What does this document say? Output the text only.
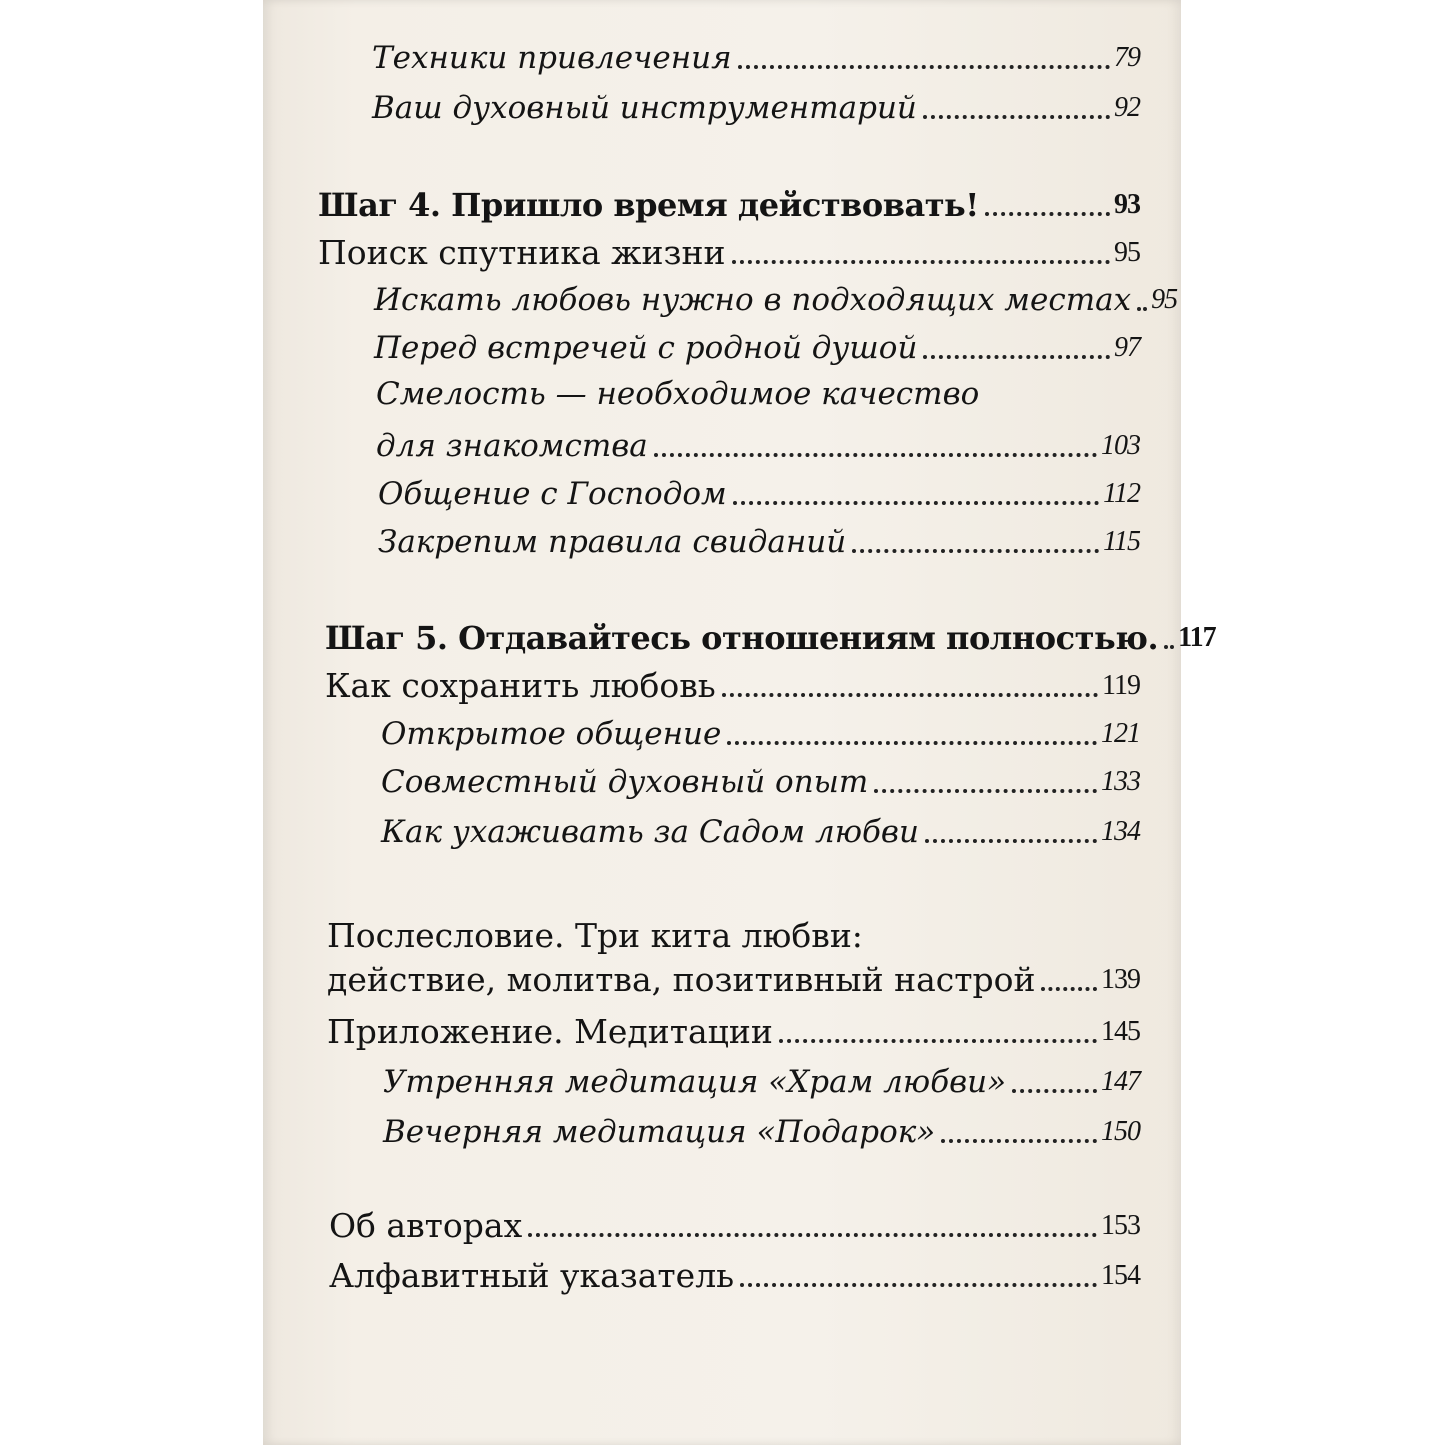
Техники привлечения	79
Ваш духовный инструментарий	92
Шаг 4. Пришло время действовать!	93
Поиск спутника жизни	95
Искать любовь нужно в подходящих местах 95
Перед встречей с родной душой	97
Смелость — необходимое качество
для знакомства	103
Общение с Господом	112
Закрепим правила свиданий	115
Шаг 5. Отдавайтесь отношениям полностью. 117
Как сохранить любовь	119
Открытое общение	121
Совместный духовный опыт	133
Как ухаживать за Садом любви	134
Послесловие. Три кита любви:
действие, молитва, позитивный настрой 139
Приложение. Медитации	145
Утренняя медитация «Храм любви»	147
Вечерняя медитация «Подарок»	150
Об авторах	153
Алфавитный указатель	154
